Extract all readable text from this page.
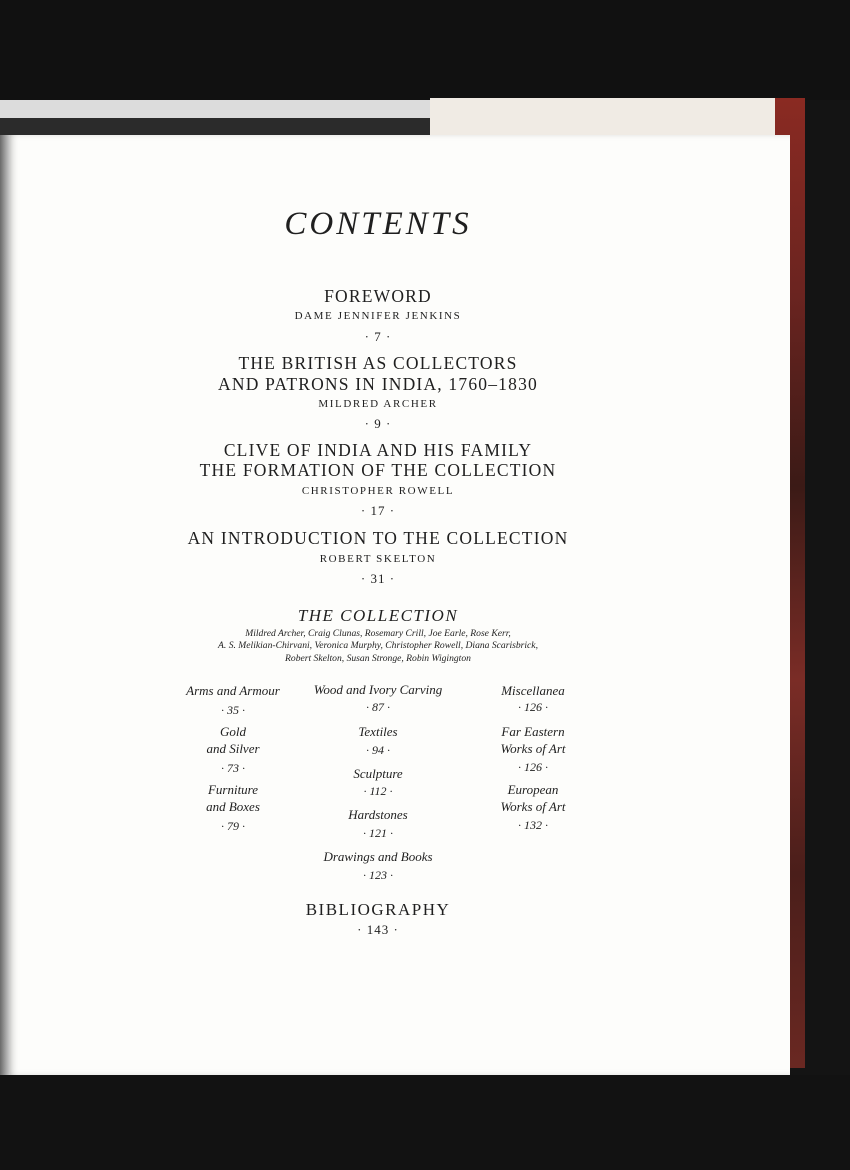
CONTENTS
FOREWORD
DAME JENNIFER JENKINS
· 7 ·
THE BRITISH AS COLLECTORS
AND PATRONS IN INDIA, 1760–1830
MILDRED ARCHER
· 9 ·
CLIVE OF INDIA AND HIS FAMILY
THE FORMATION OF THE COLLECTION
CHRISTOPHER ROWELL
· 17 ·
AN INTRODUCTION TO THE COLLECTION
ROBERT SKELTON
· 31 ·
THE COLLECTION
Mildred Archer, Craig Clunas, Rosemary Crill, Joe Earle, Rose Kerr,
A. S. Melikian-Chirvani, Veronica Murphy, Christopher Rowell, Diana Scarisbrick,
Robert Skelton, Susan Stronge, Robin Wigington
Arms and Armour
· 35 ·
Gold
and Silver
· 73 ·
Furniture
and Boxes
· 79 ·
Wood and Ivory Carving
· 87 ·
Textiles
· 94 ·
Sculpture
· 112 ·
Hardstones
· 121 ·
Drawings and Books
· 123 ·
Miscellanea
· 126 ·
Far Eastern
Works of Art
· 126 ·
European
Works of Art
· 132 ·
BIBLIOGRAPHY
· 143 ·
